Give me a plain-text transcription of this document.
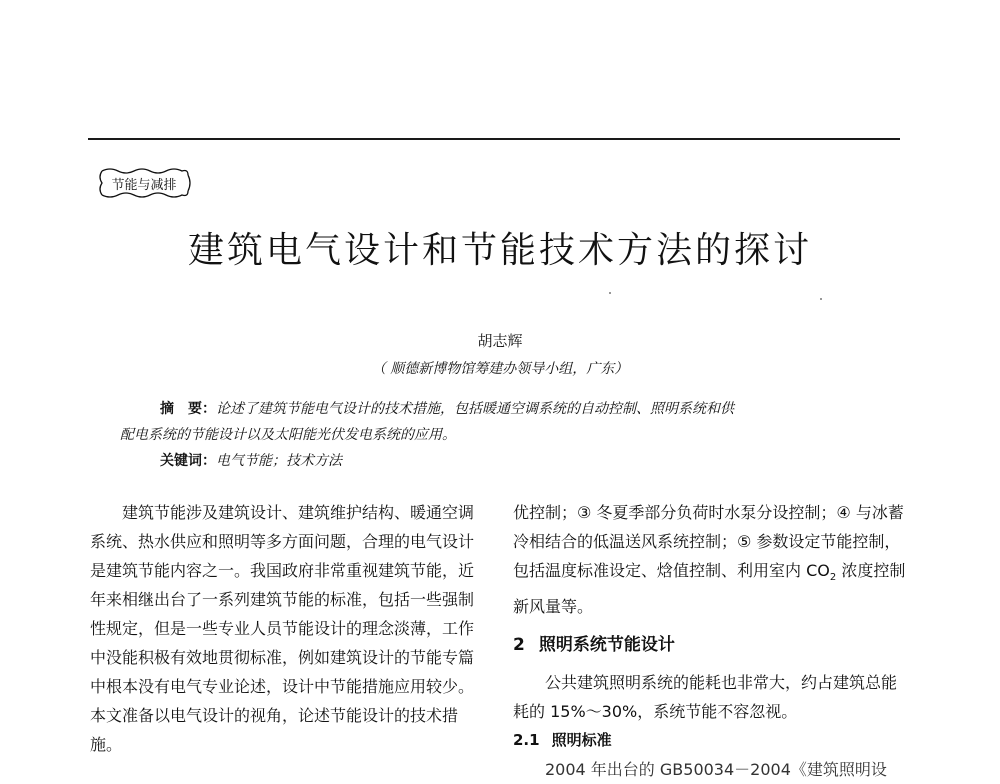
节能与减排
建筑电气设计和节能技术方法的探讨
胡志辉
（ 顺德新博物馆筹建办领导小组，广东）
摘　要：论述了建筑节能电气设计的技术措施，包括暖通空调系统的自动控制、照明系统和供
配电系统的节能设计以及太阳能光伏发电系统的应用。
关键词：电气节能；技术方法

建筑节能涉及建筑设计、建筑维护结构、暖通空调系统、热水供应和照明等多方面问题，合理的电气设计是建筑节能内容之一。我国政府非常重视建筑节能，近年来相继出台了一系列建筑节能的标准，包括一些强制性规定，但是一些专业人员节能设计的理念淡薄，工作中没能积极有效地贯彻标准，例如建筑设计的节能专篇中根本没有电气专业论述，设计中节能措施应用较少。本文准备以电气设计的视角，论述节能设计的技术措施。

优控制；③ 冬夏季部分负荷时水泵分设控制；④ 与冰蓄冷相结合的低温送风系统控制；⑤ 参数设定节能控制，包括温度标准设定、焓值控制、利用室内 $CO_2$ 浓度控制新风量等。

2 照明系统节能设计

公共建筑照明系统的能耗也非常大，约占建筑总能耗的 15%～30%，系统节能不容忽视。

2.1 照明标准

2004 年出台的 GB50034－2004《建筑照明设
